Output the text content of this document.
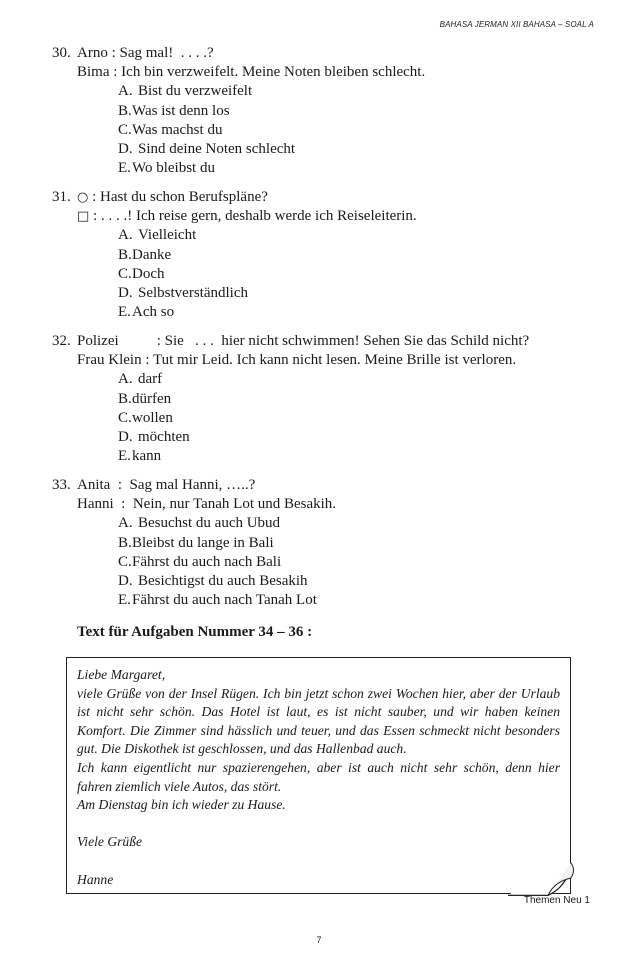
BAHASA JERMAN XII BAHASA – SOAL A
30. Arno : Sag mal!  . . . .?
Bima : Ich bin verzweifelt. Meine Noten bleiben schlecht.
A. Bist du verzweifelt
B.Was ist denn los
C.Was machst du
D. Sind deine Noten schlecht
E.Wo bleibst du
31. ○ : Hast du schon Berufspläne?
□ : . . . .! Ich reise gern, deshalb werde ich Reiseleiterin.
A. Vielleicht
B.Danke
C.Doch
D. Selbstverständlich
E.Ach so
32. Polizei : Sie   . . .  hier nicht schwimmen! Sehen Sie das Schild nicht?
Frau Klein : Tut mir Leid. Ich kann nicht lesen. Meine Brille ist verloren.
A. darf
B.dürfen
C.wollen
D. möchten
E.kann
33. Anita  :  Sag mal Hanni, …..?
Hanni  :  Nein, nur Tanah Lot und Besakih.
A. Besuchst du auch Ubud
B.Bleibst du lange in Bali
C.Fährst du auch nach Bali
D. Besichtigst du auch Besakih
E.Fährst du auch nach Tanah Lot
Text für Aufgaben Nummer 34 – 36 :

Liebe Margaret,

viele Grüße von der Insel Rügen. Ich bin jetzt schon zwei Wochen hier, aber der Urlaub ist nicht sehr schön. Das Hotel ist laut, es ist nicht sauber, und wir haben keinen Komfort. Die Zimmer sind hässlich und teuer, und das Essen schmeckt nicht besonders gut. Die Diskothek ist geschlossen, und das Hallenbad auch.

Ich kann eigentlicht nur spazierengehen, aber ist auch nicht sehr schön, denn hier fahren ziemlich viele Autos, das stört.

Am Dienstag bin ich wieder zu Hause.

Viele Grüße

Hanne

Themen Neu 1
7
